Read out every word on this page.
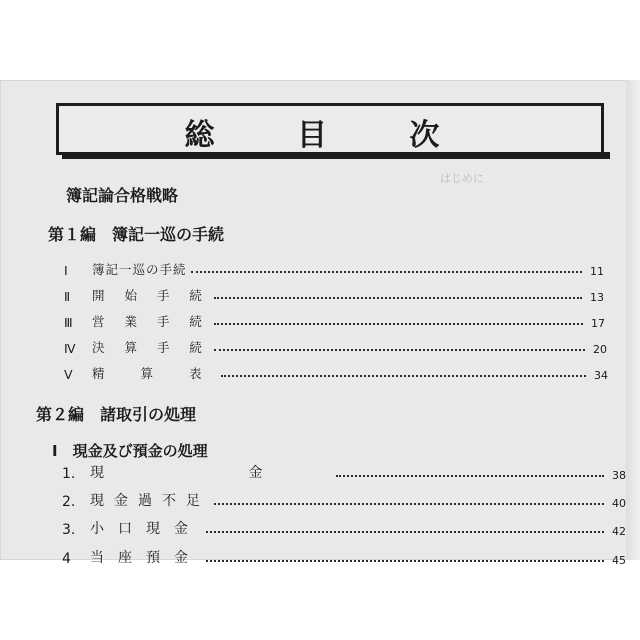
はじめに
総 目 次
簿記論合格戦略
第１編　簿記一巡の手続
Ⅰ	簿記一巡の手続	11
Ⅱ	開 始 手 続	13
Ⅲ	営 業 手 続	17
Ⅳ	決 算 手 続	20
Ⅴ	精 算 表	34
第２編　諸取引の処理
Ⅰ　現金及び預金の処理
1.	現 金	38
2.	現金過不足	40
3.	小口現金	42
4	当座預金	45
